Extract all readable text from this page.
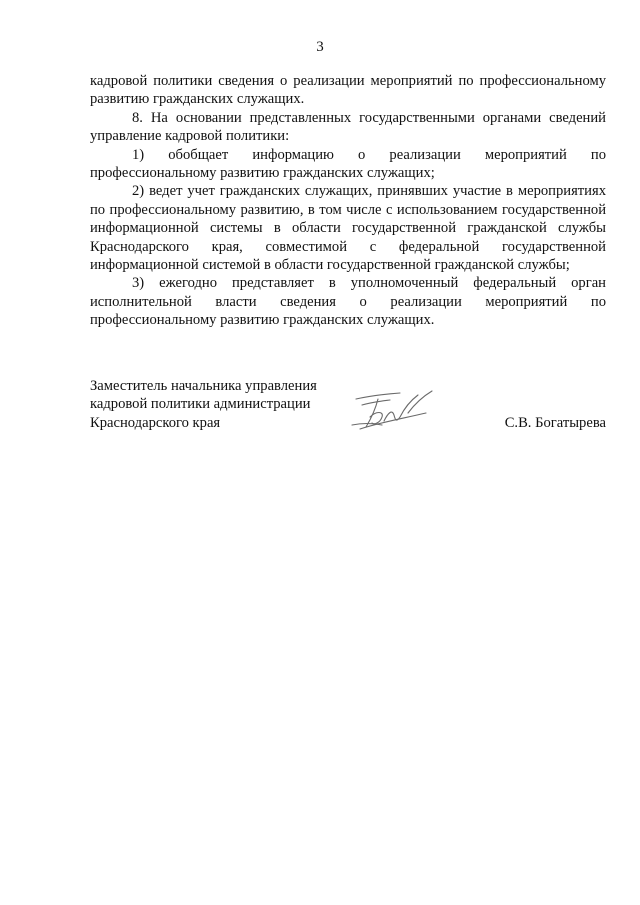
3

кадровой политики сведения о реализации мероприятий по профессиональному развитию гражданских служащих.

8. На основании представленных государственными органами сведений управление кадровой политики:

1) обобщает информацию о реализации мероприятий по профессиональному развитию гражданских служащих;

2) ведет учет гражданских служащих, принявших участие в мероприятиях по профессиональному развитию, в том числе с использованием государственной информационной системы в области государственной гражданской службы Краснодарского края, совместимой с федеральной государственной информационной системой в области государственной гражданской службы;

3) ежегодно представляет в уполномоченный федеральный орган исполнительной власти сведения о реализации мероприятий по профессиональному развитию гражданских служащих.

Заместитель начальника управления
кадровой политики администрации
Краснодарского края	С.В. Богатырева
